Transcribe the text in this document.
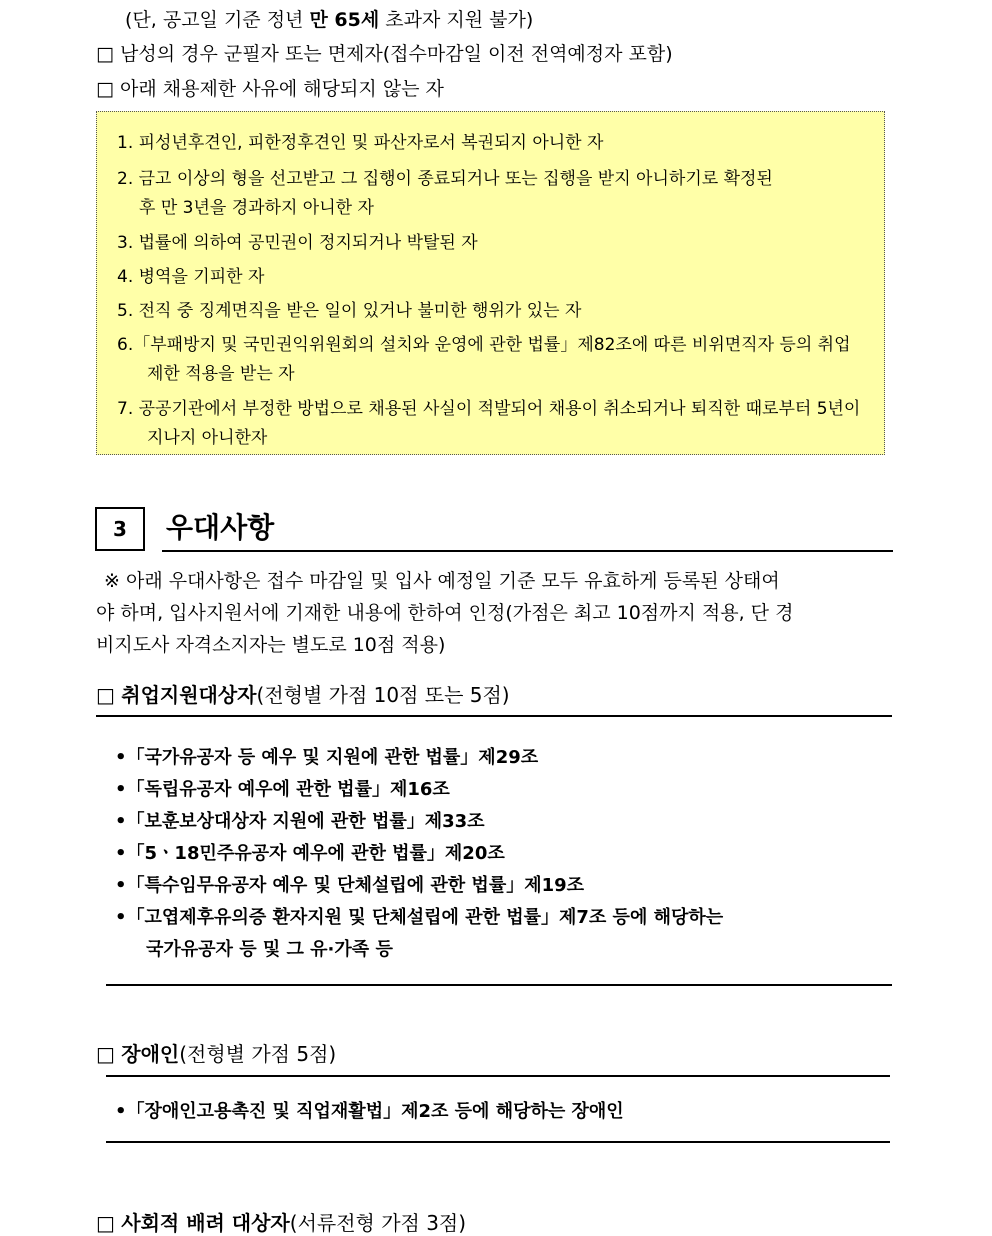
(단, 공고일 기준 정년 만 65세 초과자 지원 불가)
□ 남성의 경우 군필자 또는 면제자(접수마감일 이전 전역예정자 포함)
□ 아래 채용제한 사유에 해당되지 않는 자
1. 피성년후견인, 피한정후견인 및 파산자로서 복권되지 아니한 자
2. 금고 이상의 형을 선고받고 그 집행이 종료되거나 또는 집행을 받지 아니하기로 확정된
후 만 3년을 경과하지 아니한 자
3. 법률에 의하여 공민권이 정지되거나 박탈된 자
4. 병역을 기피한 자
5. 전직 중 징계면직을 받은 일이 있거나 불미한 행위가 있는 자
6.「부패방지 및 국민권익위원회의 설치와 운영에 관한 법률」제82조에 따른 비위면직자 등의 취업
제한 적용을 받는 자
7. 공공기관에서 부정한 방법으로 채용된 사실이 적발되어 채용이 취소되거나 퇴직한 때로부터 5년이
지나지 아니한자
3	우대사항
※ 아래 우대사항은 접수 마감일 및 입사 예정일 기준 모두 유효하게 등록된 상태여
야 하며, 입사지원서에 기재한 내용에 한하여 인정(가점은 최고 10점까지 적용, 단 경
비지도사 자격소지자는 별도로 10점 적용)
□ 취업지원대상자(전형별 가점 10점 또는 5점)
•「국가유공자 등 예우 및 지원에 관한 법률」제29조
•「독립유공자 예우에 관한 법률」제16조
•「보훈보상대상자 지원에 관한 법률」제33조
•「5ㆍ18민주유공자 예우에 관한 법률」제20조
•「특수임무유공자 예우 및 단체설립에 관한 법률」제19조
•「고엽제후유의증 환자지원 및 단체설립에 관한 법률」제7조 등에 해당하는
국가유공자 등 및 그 유·가족 등
□ 장애인(전형별 가점 5점)
•「장애인고용촉진 및 직업재활법」제2조 등에 해당하는 장애인
□ 사회적 배려 대상자(서류전형 가점 3점)
